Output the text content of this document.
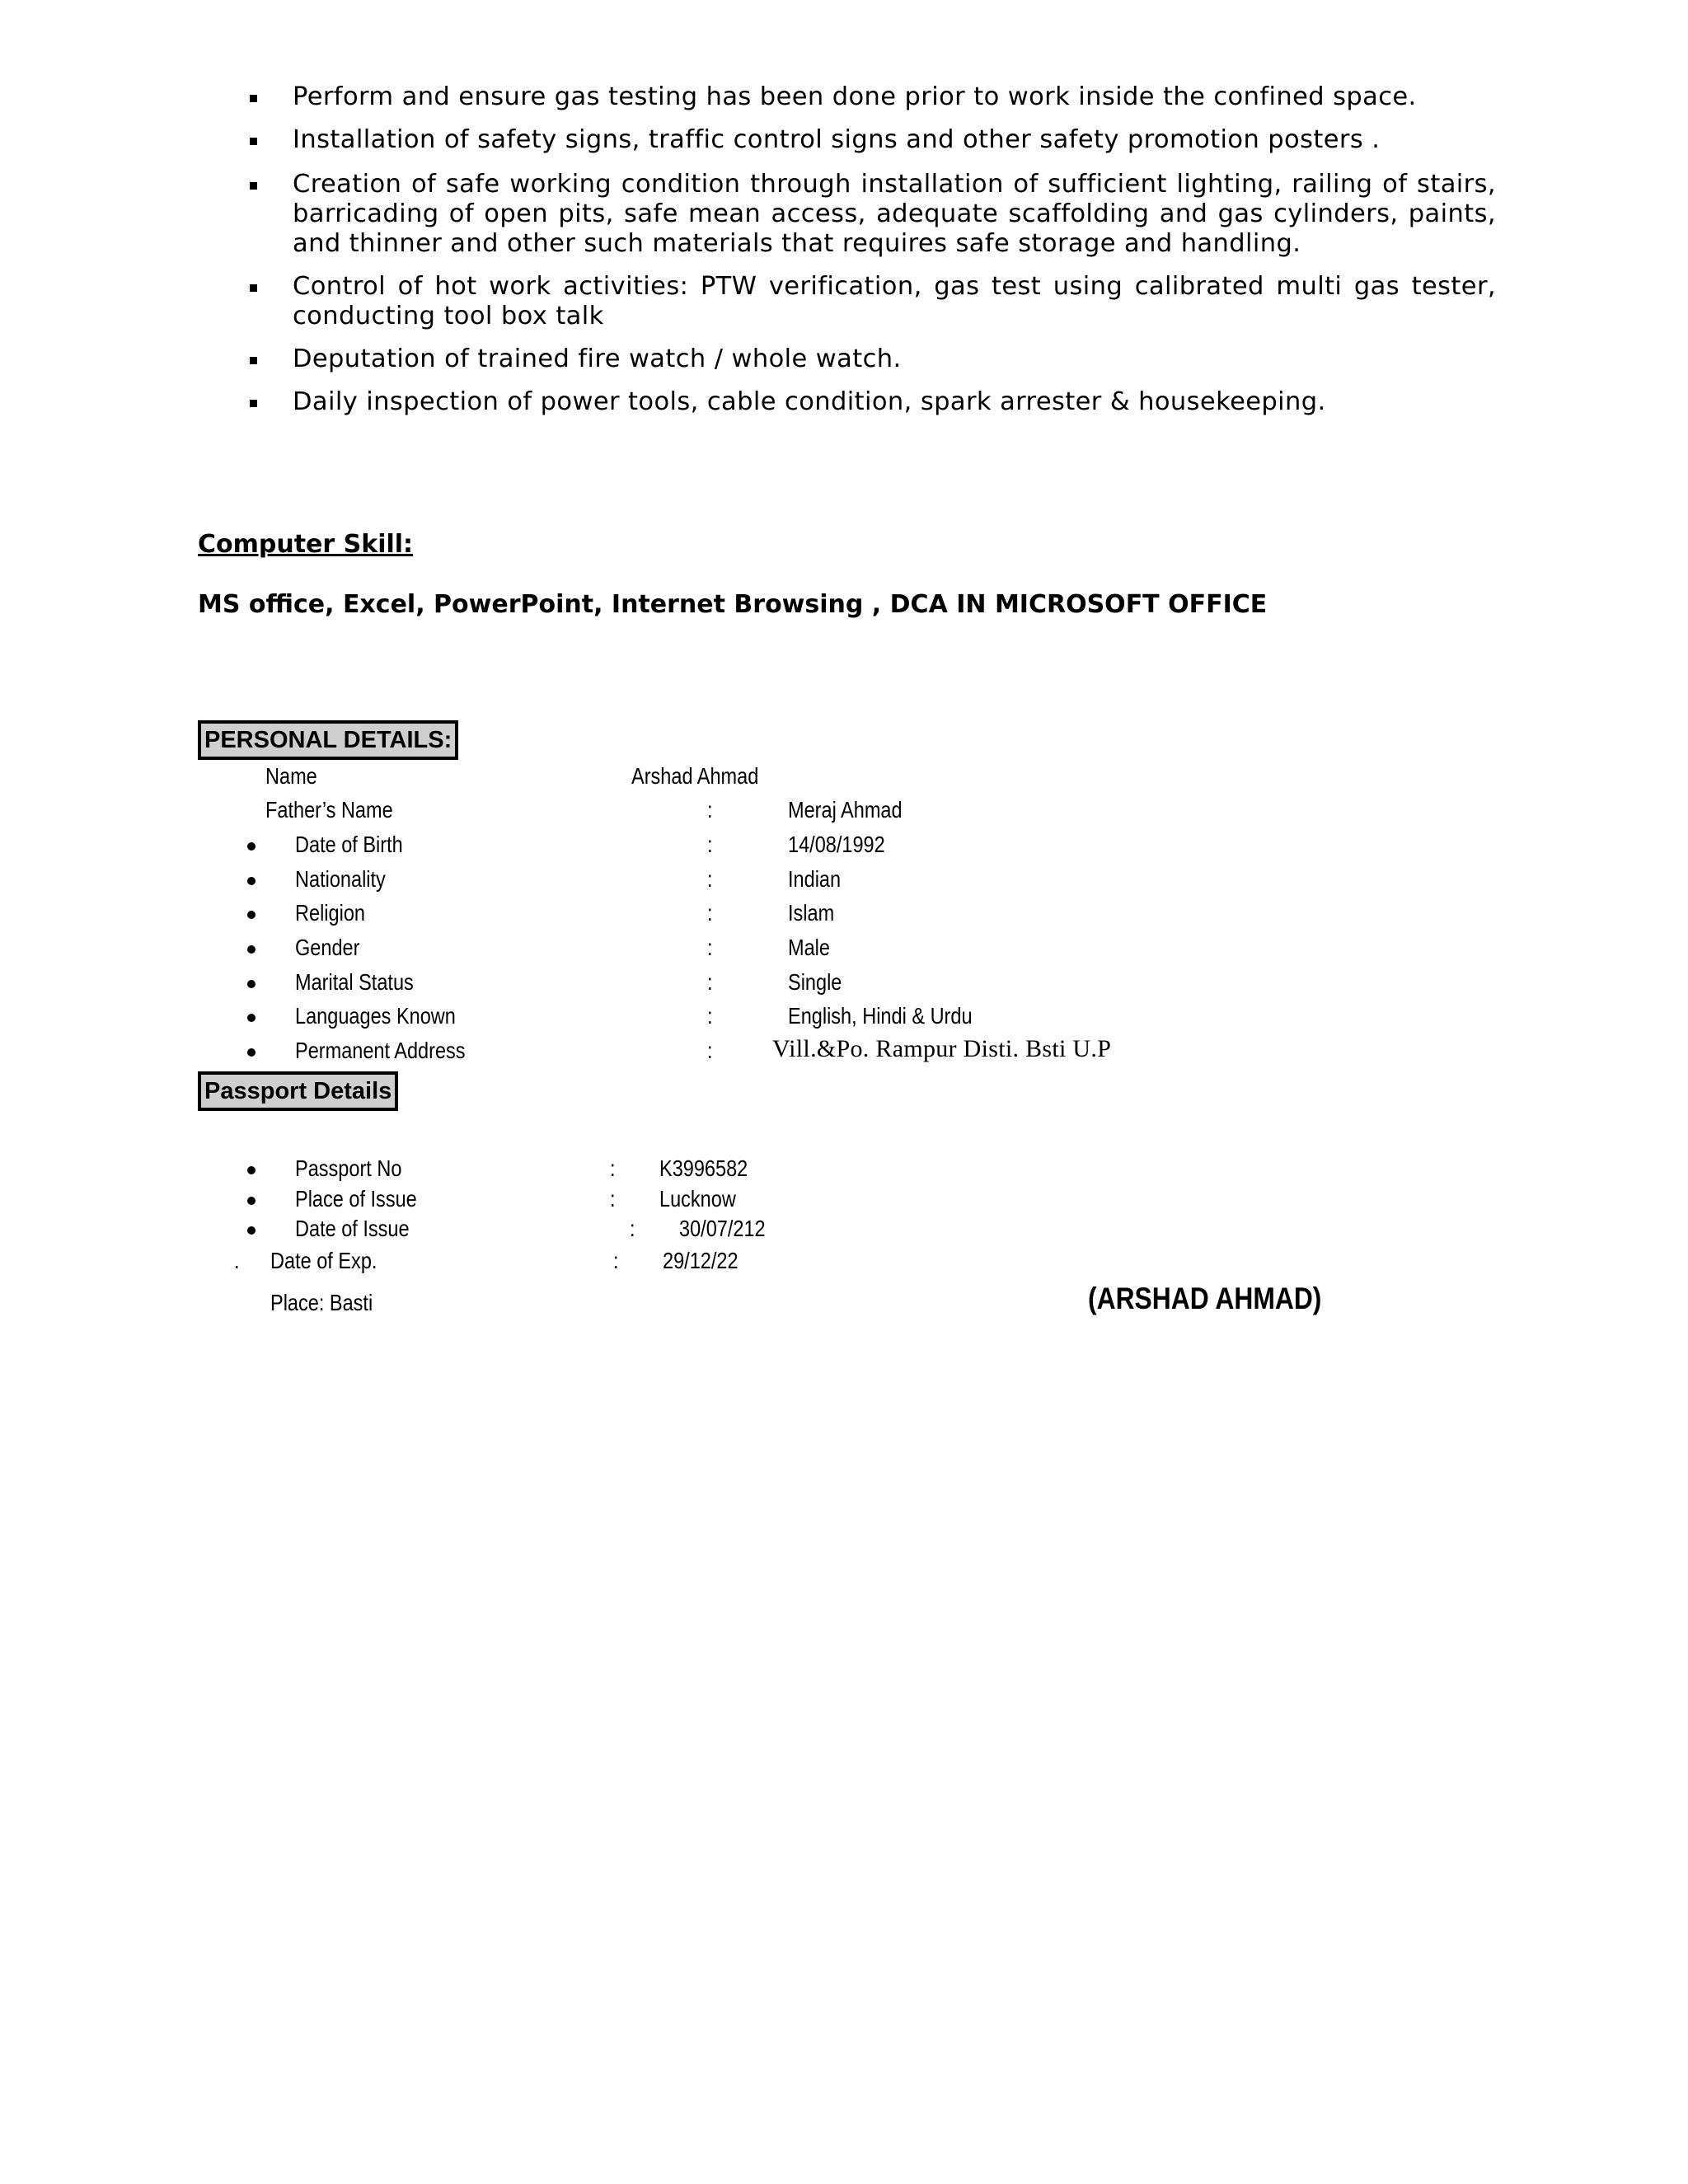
Perform and ensure gas testing has been done prior to work inside the confined space.
Installation of safety signs, traffic control signs and other safety promotion posters .
Creation of safe working condition through installation of sufficient lighting, railing of stairs, barricading of open pits, safe mean access, adequate scaffolding and gas cylinders, paints, and thinner and other such materials that requires safe storage and handling.
Control of hot work activities: PTW verification, gas test using calibrated multi gas tester, conducting tool box talk
Deputation of trained fire watch / whole watch.
Daily inspection of power tools, cable condition, spark arrester & housekeeping.
Computer Skill:
MS office, Excel, PowerPoint, Internet Browsing , DCA IN MICROSOFT OFFICE
PERSONAL DETAILS:
Name	Arshad Ahmad
Father’s Name	:	Meraj Ahmad
Date of Birth	:	14/08/1992
Nationality	:	Indian
Religion	:	Islam
Gender	:	Male
Marital Status	:	Single
Languages Known	:	English, Hindi & Urdu
Permanent Address	: Vill.&Po. Rampur Disti. Bsti U.P
Passport Details
Passport No	: K3996582
Place of Issue	: Lucknow
Date of Issue	: 30/07/212
. Date of Exp.	: 29/12/22
Place: Basti	(ARSHAD AHMAD)
